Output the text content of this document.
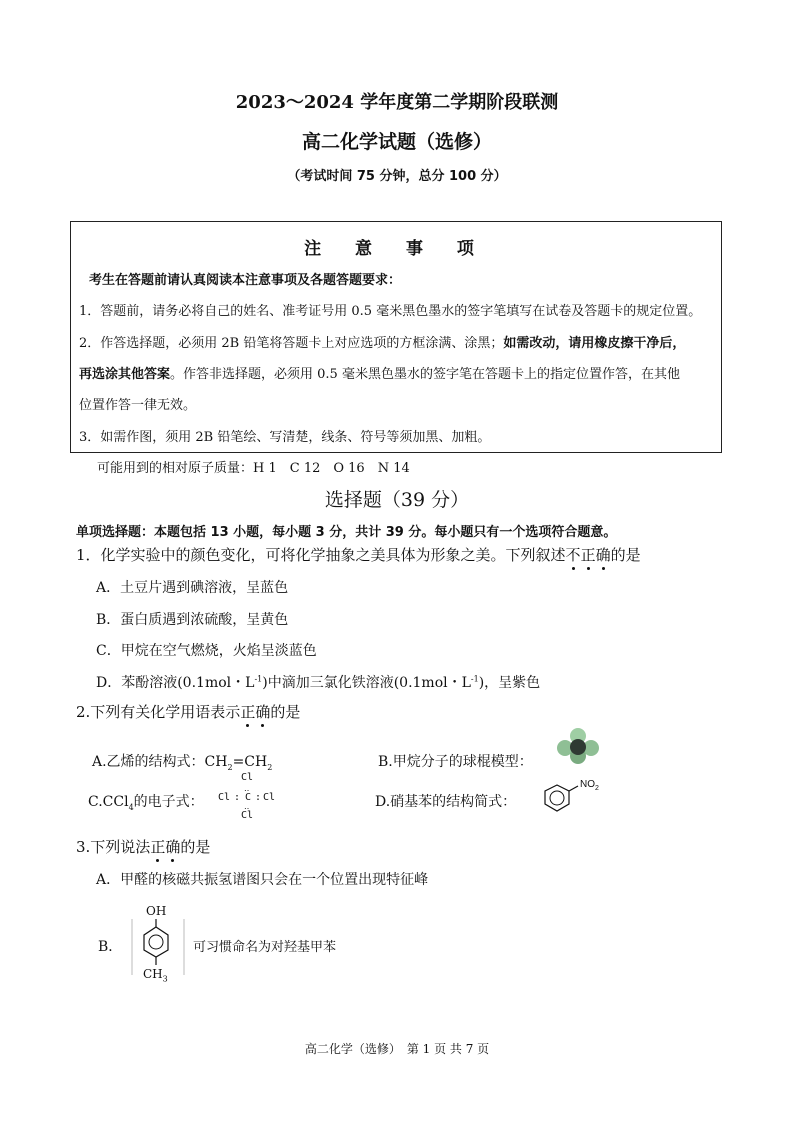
2023～2024 学年度第二学期阶段联测
高二化学试题（选修）
（考试时间 75 分钟，总分 100 分）
注 意 事 项
考生在答题前请认真阅读本注意事项及各题答题要求：
1．答题前，请务必将自己的姓名、准考证号用 0.5 毫米黑色墨水的签字笔填写在试卷及答题卡的规定位置。
2．作答选择题，必须用 2B 铅笔将答题卡上对应选项的方框涂满、涂黑；如需改动，请用橡皮擦干净后，
再选涂其他答案。作答非选择题，必须用 0.5 毫米黑色墨水的签字笔在答题卡上的指定位置作答，在其他
位置作答一律无效。
3．如需作图，须用 2B 铅笔绘、写清楚，线条、符号等须加黑、加粗。
可能用到的相对原子质量：H 1　C 12　O 16　N 14
选择题（39 分）
单项选择题：本题包括 13 小题，每小题 3 分，共计 39 分。每小题只有一个选项符合题意。
1．化学实验中的颜色变化，可将化学抽象之美具体为形象之美。下列叙述不正确的是
A．土豆片遇到碘溶液，呈蓝色
B．蛋白质遇到浓硫酸，呈黄色
C．甲烷在空气燃烧，火焰呈淡蓝色
D．苯酚溶液(0.1mol・$L^{-1}$)中滴加三氯化铁溶液(0.1mol・$L^{-1}$)，呈紫色
2.下列有关化学用语表示正确的是
A.乙烯的结构式：$CH_2=CH_2$	B.甲烷分子的球棍模型：
C.CCl$_4$的电子式：
Cl
Cl : C
‥
‥
: Cl
Cl
D.硝基苯的结构简式：
$NO_2$
3.下列说法正确的是
A．甲醛的核磁共振氢谱图只会在一个位置出现特征峰
B．
OH
$CH_3$
可习惯命名为对羟基甲苯
高二化学（选修）　第 1 页 共 7 页
